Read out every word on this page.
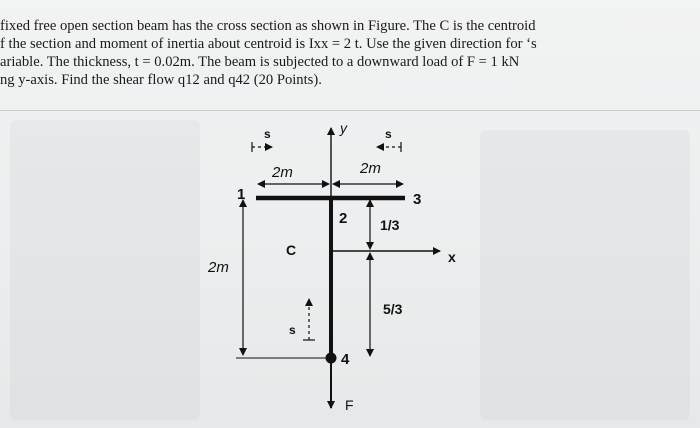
fixed free open section beam has the cross section as shown in Figure. The C is the centroid
f the section and moment of inertia about centroid is Ixx = 2 t. Use the given direction for ‘s
ariable. The thickness, t = 0.02m. The beam is subjected to a downward load of F = 1 kN
ng y-axis. Find the shear flow q12 and q42 (20 Points).
F
y
x
2m	2m
s	s
s
2m
1/3
5/3
1
2
3
4
C
